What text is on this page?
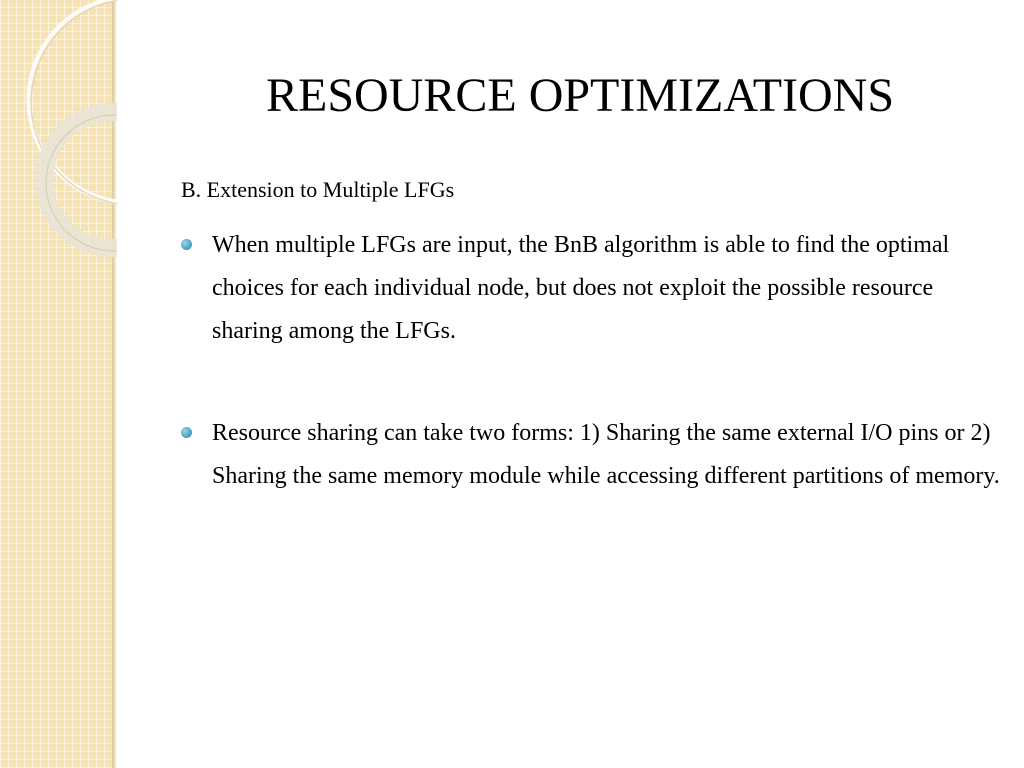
RESOURCE OPTIMIZATIONS

B. Extension to Multiple LFGs

When multiple LFGs are input, the BnB algorithm is able to find the optimal choices for each individual node, but does not exploit the possible resource sharing among the LFGs.
Resource sharing can take two forms: 1) Sharing the same external I/O pins or 2) Sharing the same memory module while accessing different partitions of memory.
